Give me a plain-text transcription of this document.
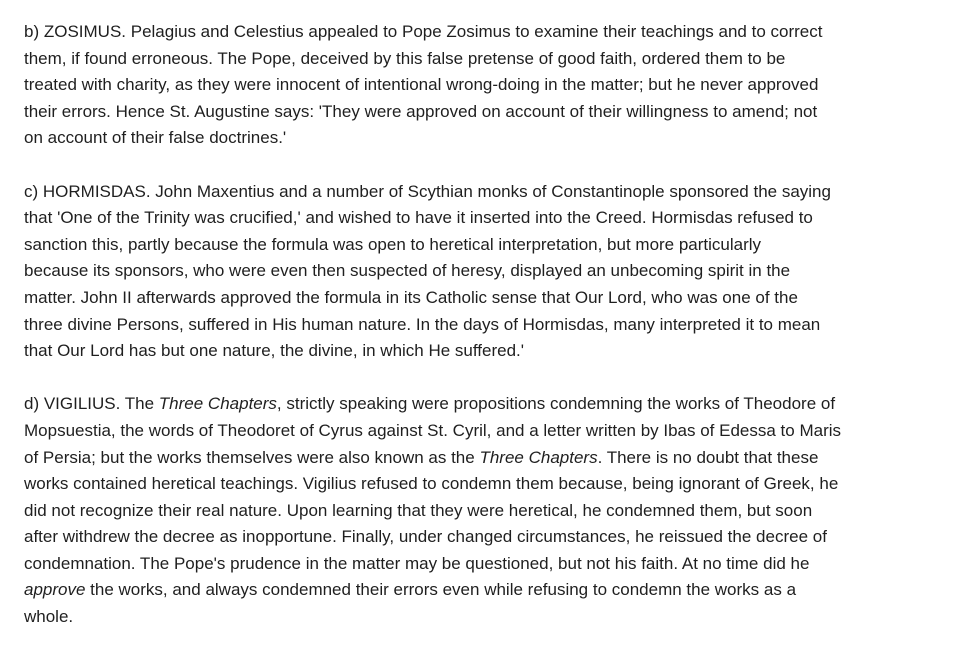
b) ZOSIMUS. Pelagius and Celestius appealed to Pope Zosimus to examine their teachings and to correct
them, if found erroneous. The Pope, deceived by this false pretense of good faith, ordered them to be
treated with charity, as they were innocent of intentional wrong-doing in the matter; but he never approved
their errors. Hence St. Augustine says: 'They were approved on account of their willingness to amend; not
on account of their false doctrines.'

c) HORMISDAS. John Maxentius and a number of Scythian monks of Constantinople sponsored the saying
that 'One of the Trinity was crucified,' and wished to have it inserted into the Creed. Hormisdas refused to
sanction this, partly because the formula was open to heretical interpretation, but more particularly
because its sponsors, who were even then suspected of heresy, displayed an unbecoming spirit in the
matter. John II afterwards approved the formula in its Catholic sense that Our Lord, who was one of the
three divine Persons, suffered in His human nature. In the days of Hormisdas, many interpreted it to mean
that Our Lord has but one nature, the divine, in which He suffered.'

d) VIGILIUS. The Three Chapters, strictly speaking were propositions condemning the works of Theodore of
Mopsuestia, the words of Theodoret of Cyrus against St. Cyril, and a letter written by Ibas of Edessa to Maris
of Persia; but the works themselves were also known as the Three Chapters. There is no doubt that these
works contained heretical teachings. Vigilius refused to condemn them because, being ignorant of Greek, he
did not recognize their real nature. Upon learning that they were heretical, he condemned them, but soon
after withdrew the decree as inopportune. Finally, under changed circumstances, he reissued the decree of
condemnation. The Pope's prudence in the matter may be questioned, but not his faith. At no time did he
approve the works, and always condemned their errors even while refusing to condemn the works as a
whole.
